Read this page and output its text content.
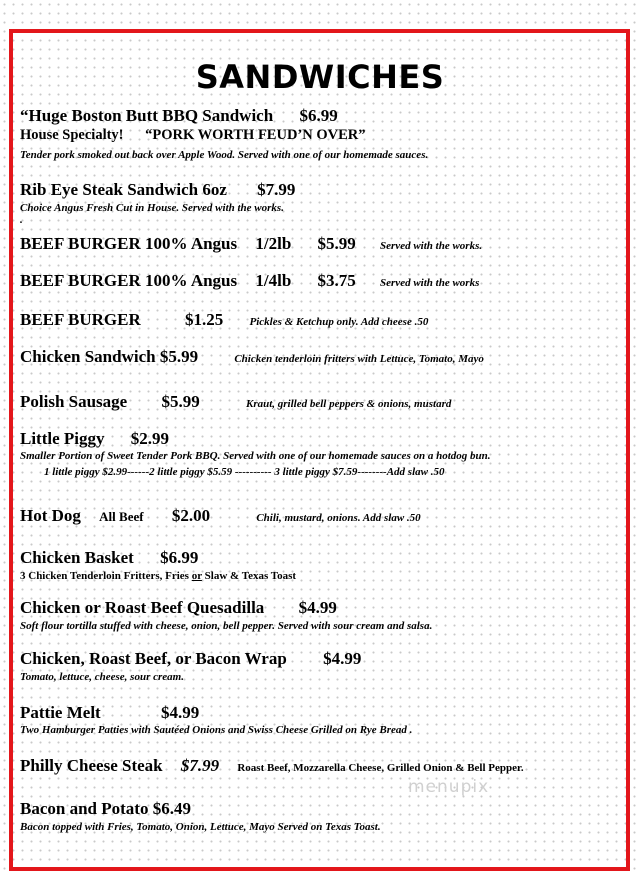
SANDWICHES
“Huge Boston Butt BBQ Sandwich $6.99
House Specialty! “PORK WORTH FEUD’N OVER”
Tender pork smoked out back over Apple Wood. Served with one of our homemade sauces.
Rib Eye Steak Sandwich 6oz $7.99
Choice Angus Fresh Cut in House. Served with the works.
.
BEEF BURGER 100% Angus 1/2lb $5.99 Served with the works.
BEEF BURGER 100% Angus 1/4lb $3.75 Served with the works
BEEF BURGER	$1.25 Pickles & Ketchup only. Add cheese .50
Chicken Sandwich $5.99	Chicken tenderloin fritters with Lettuce, Tomato, Mayo
Polish Sausage $5.99	Kraut, grilled bell peppers & onions, mustard
Little Piggy $2.99
Smaller Portion of Sweet Tender Pork BBQ. Served with one of our homemade sauces on a hotdog bun.
1 little piggy $2.99------2 little piggy $5.59 ---------- 3 little piggy $7.59--------Add slaw .50
Hot Dog All Beef $2.00	Chili, mustard, onions. Add slaw .50
Chicken Basket $6.99
3 Chicken Tenderloin Fritters, Fries or Slaw & Texas Toast
Chicken or Roast Beef Quesadilla $4.99
Soft flour tortilla stuffed with cheese, onion, bell pepper. Served with sour cream and salsa.
Chicken, Roast Beef, or Bacon Wrap $4.99
Tomato, lettuce, cheese, sour cream.
Pattie Melt	$4.99
Two Hamburger Patties with Sautéed Onions and Swiss Cheese Grilled on Rye Bread .
Philly Cheese Steak $7.99 Roast Beef, Mozzarella Cheese, Grilled Onion & Bell Pepper.
menupix
Bacon and Potato $6.49
Bacon topped with Fries, Tomato, Onion, Lettuce, Mayo Served on Texas Toast.
